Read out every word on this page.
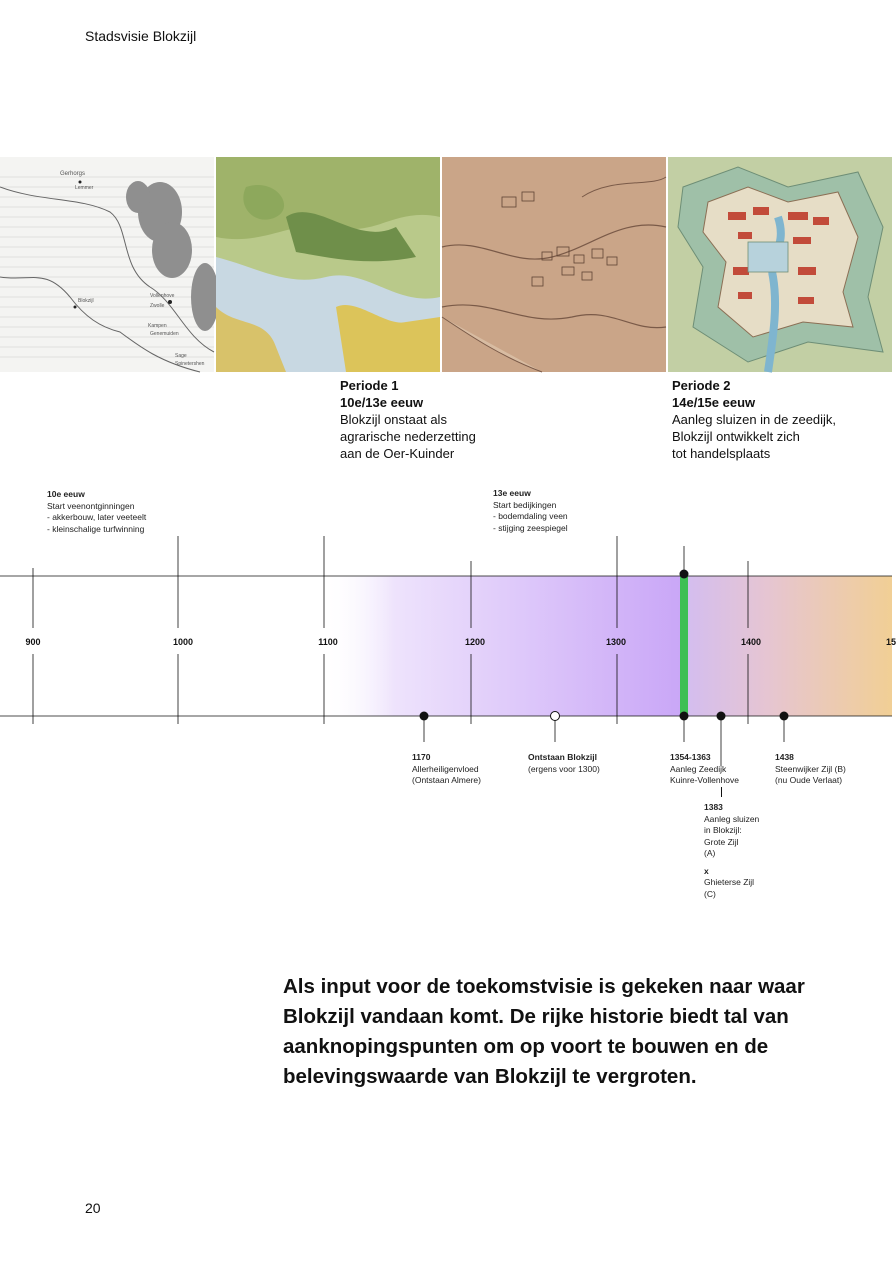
Stadsvisie Blokzijl
Gerhorgs
Lemmer
Blokzijl
Vollenhove
Zwolle
Kampen
Genemuiden
Sage
Spinetershen
Periode 1
10e/13e eeuw
Blokzijl onstaat als
agrarische nederzetting
aan de Oer-Kuinder
Periode 2
14e/15e eeuw
Aanleg sluizen in de zeedijk,
Blokzijl ontwikkelt zich
tot handelsplaats
10e eeuw
Start veenontginningen
- akkerbouw, later veeteelt
- kleinschalige turfwinning
13e eeuw
Start bedijkingen
- bodemdaling veen
- stijging zeespiegel
900	1000	1100	1200	1300	1400	15
1170
Allerheiligenvloed
(Ontstaan Almere)
Ontstaan Blokzijl
(ergens voor 1300)
1354-1363
Aanleg Zeedijk
Kuinre-Vollenhove
1383
Aanleg sluizen
in Blokzijl:
Grote Zijl
(A)
x
Ghieterse Zijl
(C)
1438
Steenwijker Zijl (B)
(nu Oude Verlaat)
Als input voor de toekomstvisie is gekeken naar waar Blokzijl vandaan komt. De rijke historie biedt tal van aanknopingspunten om op voort te bouwen en de belevingswaarde van Blokzijl te vergroten.
20
